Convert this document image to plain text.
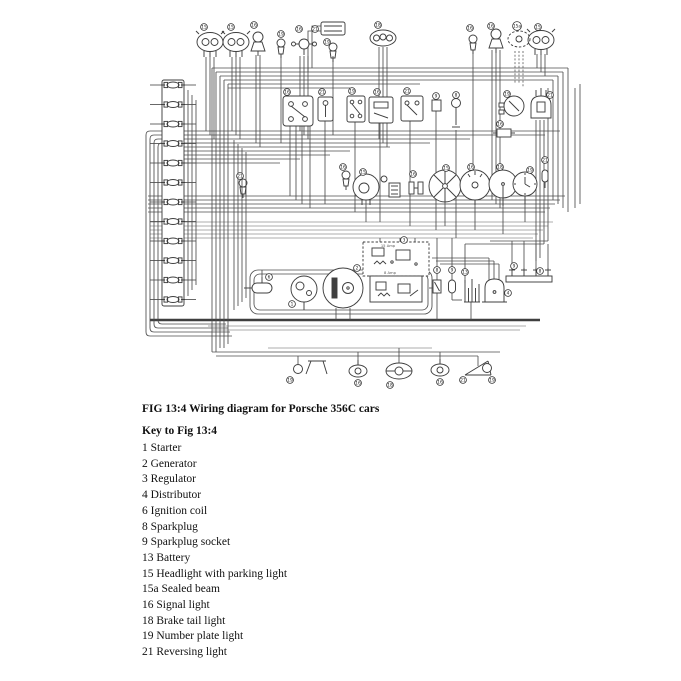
15	15	16
19
16 21
19
18
16	16	15a	15
19	21
16
16	21	19	16	21
9	8
16
15	16
15	16	18
19
21
21
6
1
2
3
8	9 13
4
9
8
19
16	18
16	21	19
15 Amp
8 Amp
FIG 13:4 Wiring diagram for Porsche 356C cars
Key to Fig 13:4
1 Starter
2 Generator
3 Regulator
4 Distributor
6 Ignition coil
8 Sparkplug
9 Sparkplug socket
13 Battery
15 Headlight with parking light
15a Sealed beam
16 Signal light
18 Brake tail light
19 Number plate light
21 Reversing light
